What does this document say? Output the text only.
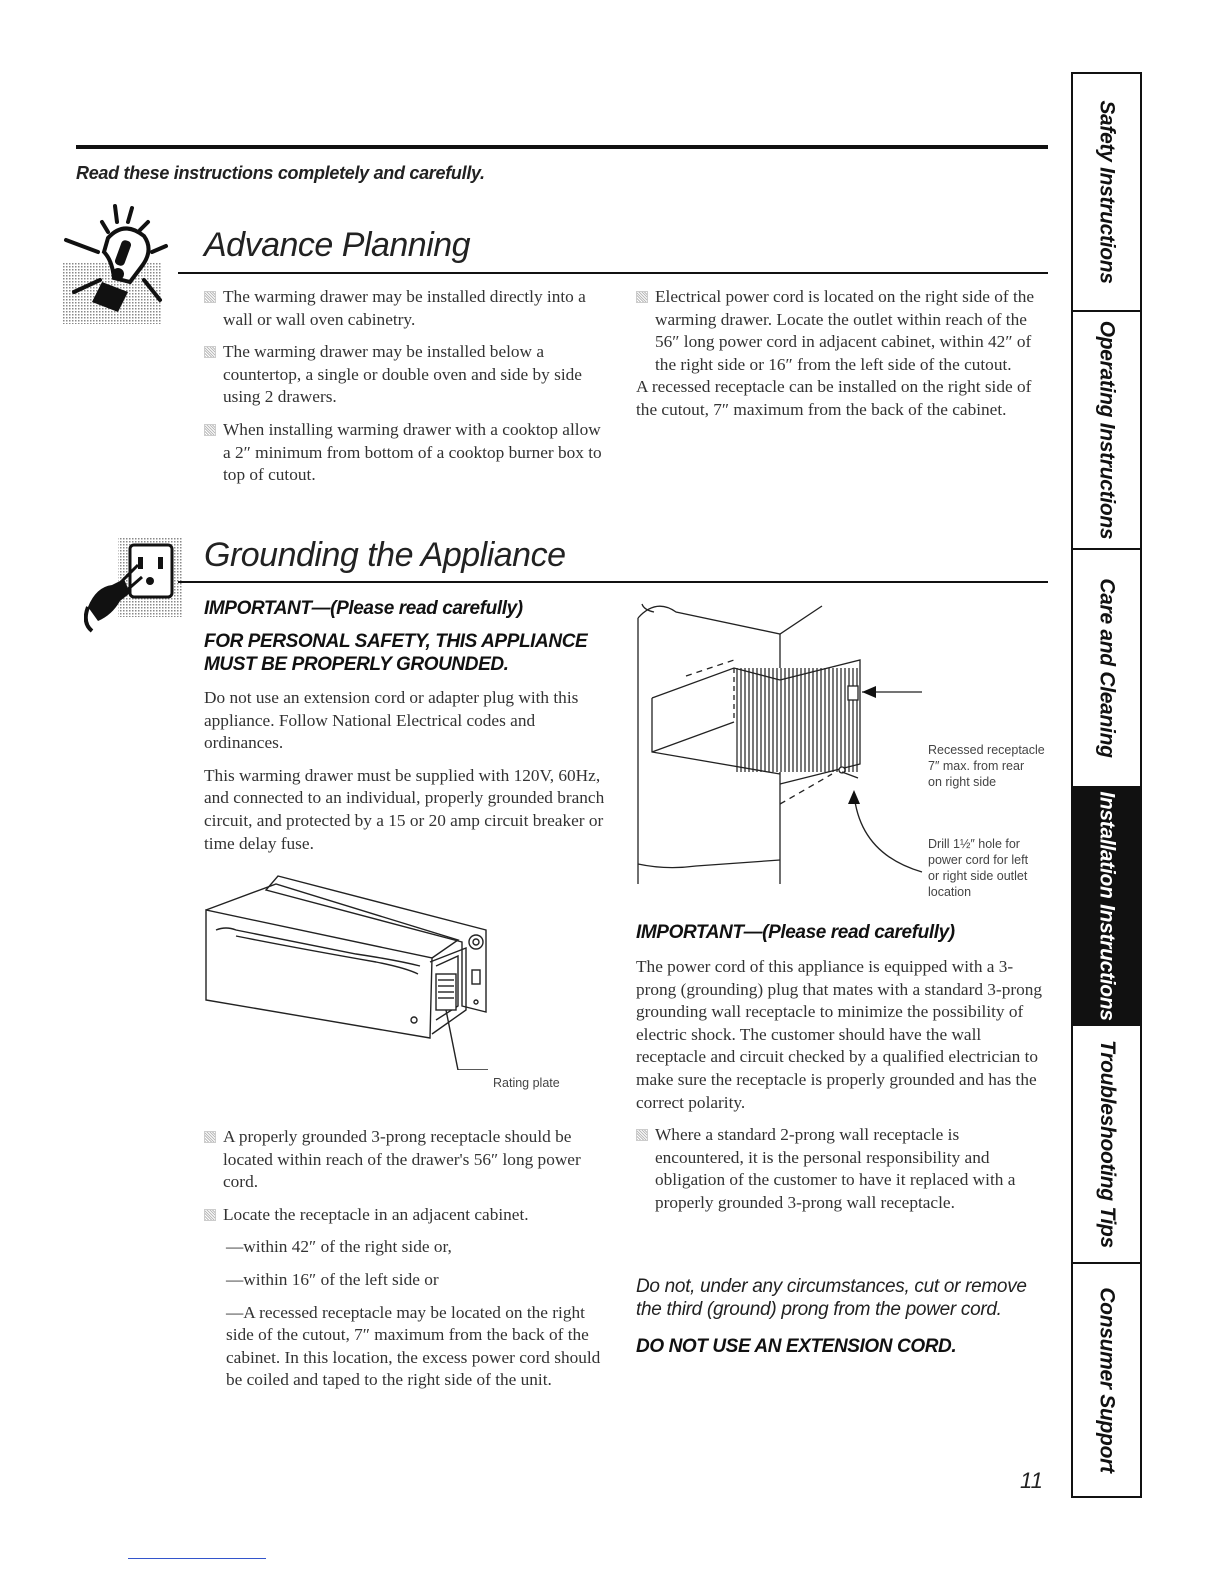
Read these instructions completely and carefully.
Advance Planning
The warming drawer may be installed directly into a wall or wall oven cabinetry.
The warming drawer may be installed below a countertop, a single or double oven and side by side using 2 drawers.
When installing warming drawer with a cooktop allow a 2″ minimum from bottom of a cooktop burner box to top of cutout.
Electrical power cord is located on the right side of the warming drawer. Locate the outlet within reach of the 56″ long power cord in adjacent cabinet, within 42″ of the right side or 16″ from the left side of the cutout.

A recessed receptacle can be installed on the right side of the cutout, 7″ maximum from the back of the cabinet.

Grounding the Appliance
IMPORTANT—(Please read carefully)
FOR PERSONAL SAFETY, THIS APPLIANCE
MUST BE PROPERLY GROUNDED.

Do not use an extension cord or adapter plug with this appliance. Follow National Electrical codes and ordinances.

This warming drawer must be supplied with 120V, 60Hz, and connected to an individual, properly grounded branch circuit, and protected by a 15 or 20 amp circuit breaker or time delay fuse.

Rating plate
A properly grounded 3-prong receptacle should be located within reach of the drawer's 56″ long power cord.
Locate the receptacle in an adjacent cabinet.

—within 42″ of the right side or,

—within 16″ of the left side or

—A recessed receptacle may be located on the right side of the cutout, 7″ maximum from the back of the cabinet. In this location, the excess power cord should be coiled and taped to the right side of the unit.

Recessed receptacle
7″ max. from rear
on right side
Drill 1½″ hole for
power cord for left
or right side outlet
location
IMPORTANT—(Please read carefully)

The power cord of this appliance is equipped with a 3-prong (grounding) plug that mates with a standard 3-prong grounding wall receptacle to minimize the possibility of electric shock. The customer should have the wall receptacle and circuit checked by a qualified electrician to make sure the receptacle is properly grounded and has the correct polarity.

Where a standard 2-prong wall receptacle is encountered, it is the personal responsibility and obligation of the customer to have it replaced with a properly grounded 3-prong wall receptacle.
Do not, under any circumstances, cut or remove the third (ground) prong from the power cord.
DO NOT USE AN EXTENSION CORD.
Safety Instructions
Operating Instructions
Care and Cleaning
Installation Instructions
Troubleshooting Tips
Consumer Support
11
